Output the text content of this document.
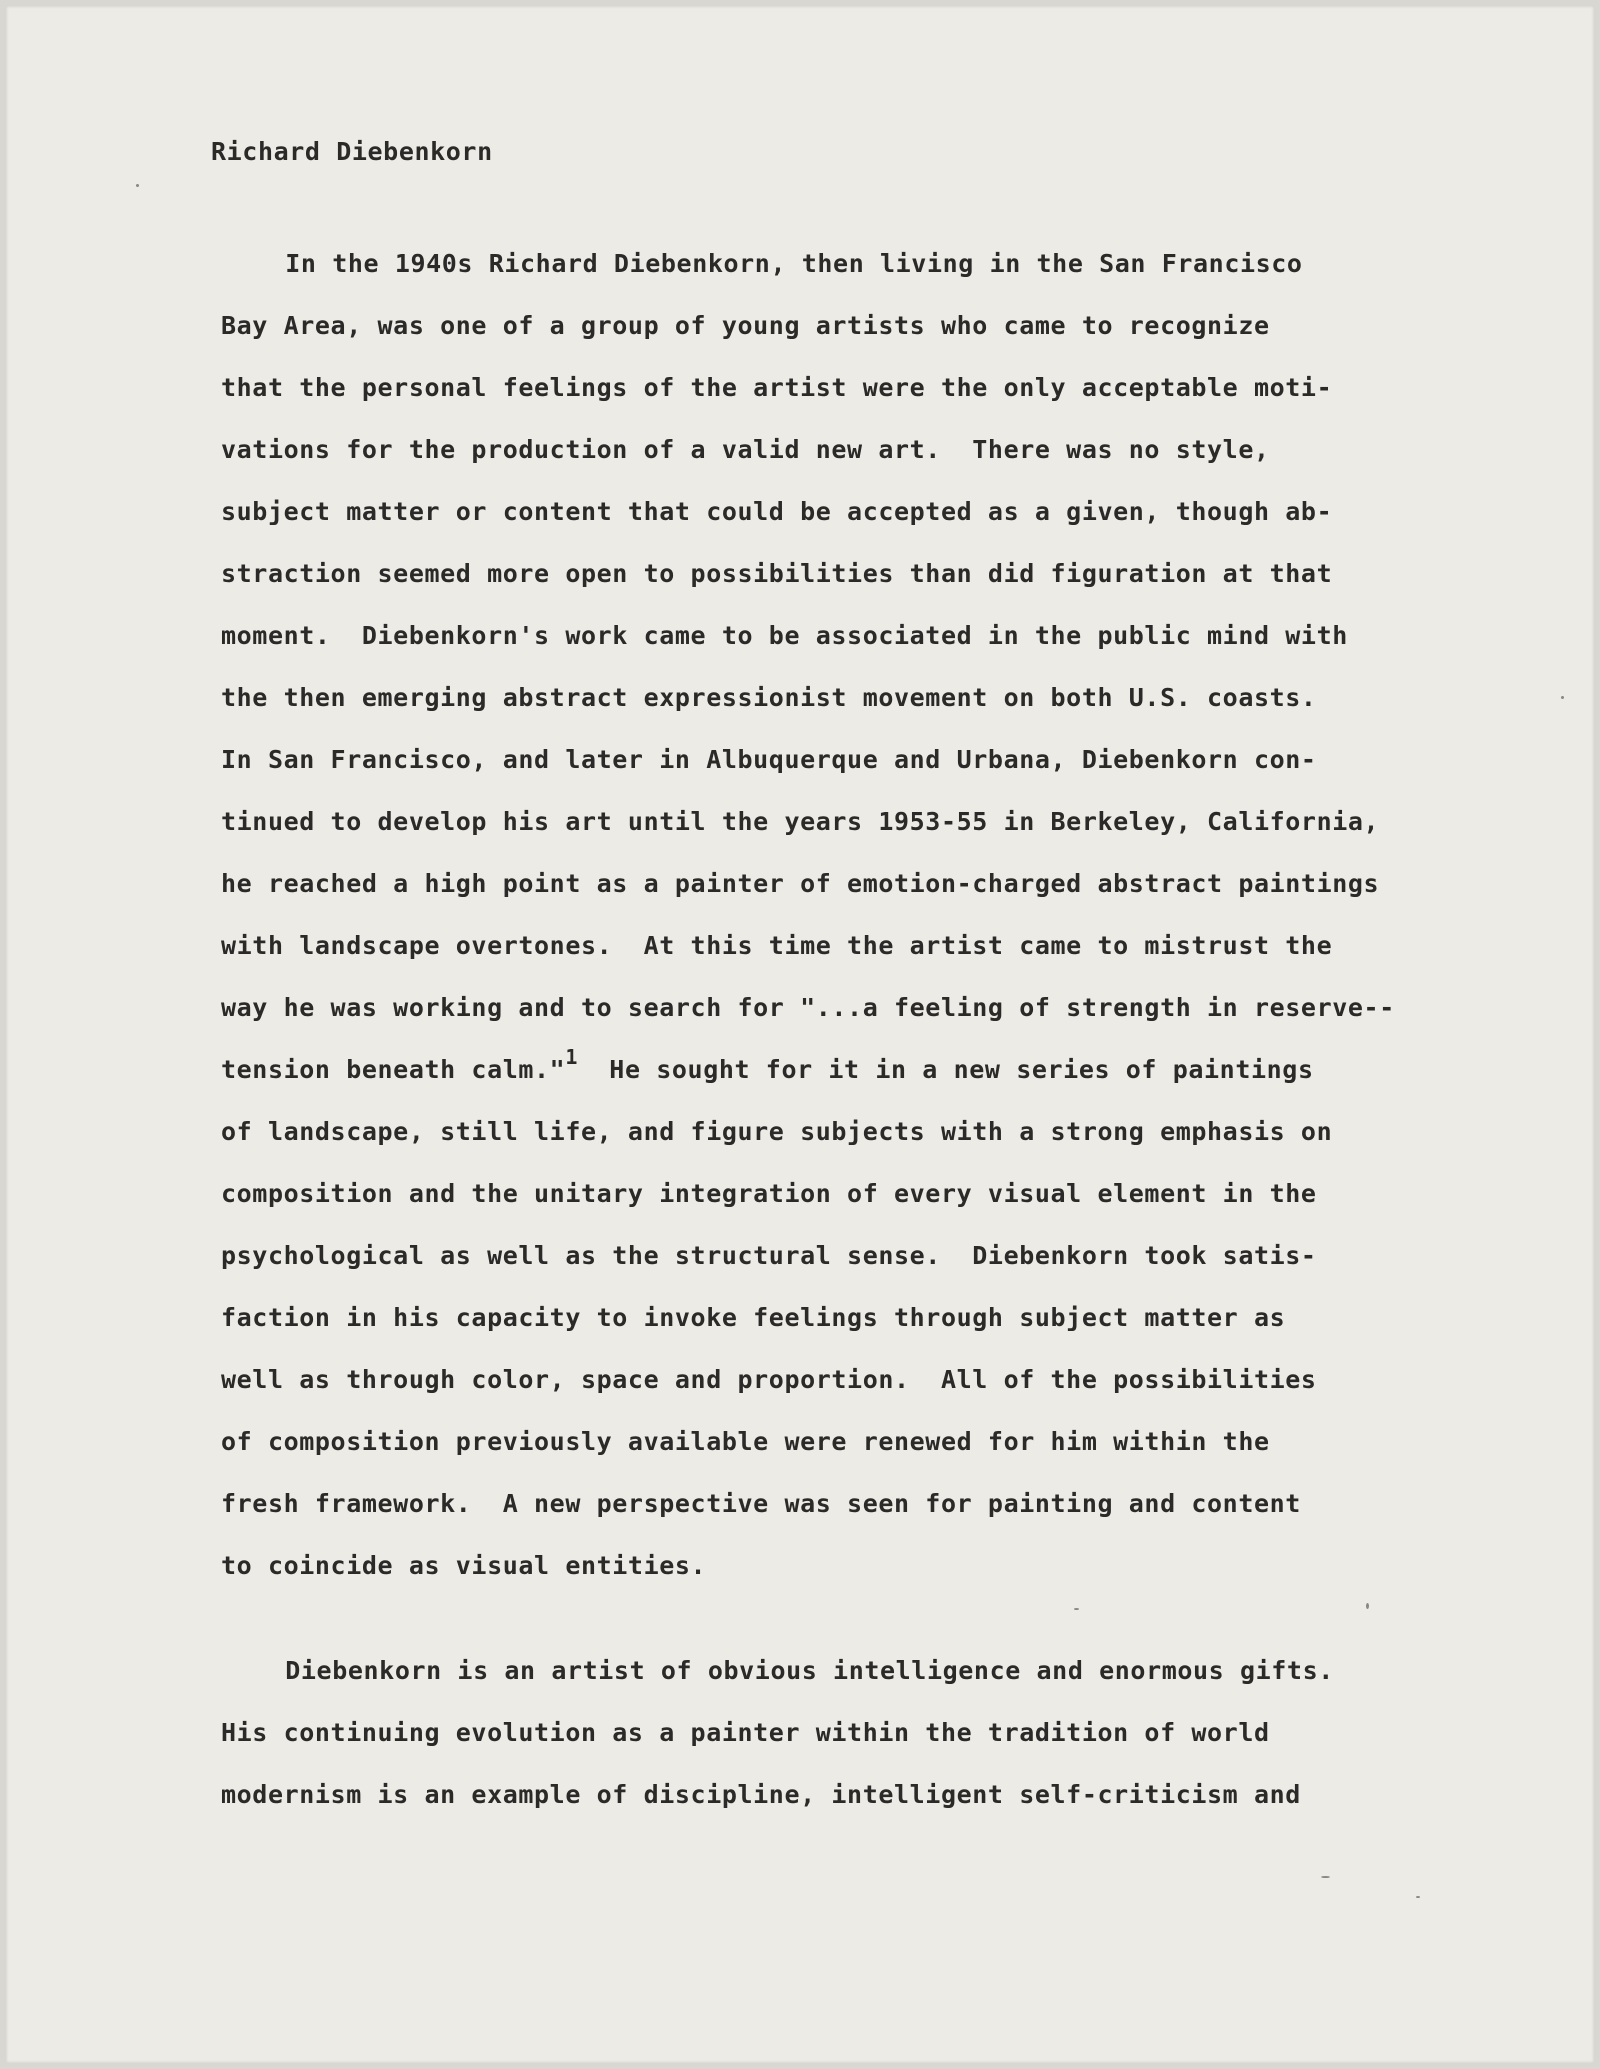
Richard Diebenkorn

In the 1940s Richard Diebenkorn, then living in the San Francisco

Bay Area, was one of a group of young artists who came to recognize

that the personal feelings of the artist were the only acceptable moti-

vations for the production of a valid new art.  There was no style,

subject matter or content that could be accepted as a given, though ab-

straction seemed more open to possibilities than did figuration at that

moment.  Diebenkorn's work came to be associated in the public mind with

the then emerging abstract expressionist movement on both U.S. coasts.

In San Francisco, and later in Albuquerque and Urbana, Diebenkorn con-

tinued to develop his art until the years 1953-55 in Berkeley, California,

he reached a high point as a painter of emotion-charged abstract paintings

with landscape overtones.  At this time the artist came to mistrust the

way he was working and to search for "...a feeling of strength in reserve--

tension beneath calm."$^1$  He sought for it in a new series of paintings

of landscape, still life, and figure subjects with a strong emphasis on

composition and the unitary integration of every visual element in the

psychological as well as the structural sense.  Diebenkorn took satis-

faction in his capacity to invoke feelings through subject matter as

well as through color, space and proportion.  All of the possibilities

of composition previously available were renewed for him within the

fresh framework.  A new perspective was seen for painting and content

to coincide as visual entities.

Diebenkorn is an artist of obvious intelligence and enormous gifts.

His continuing evolution as a painter within the tradition of world

modernism is an example of discipline, intelligent self-criticism and
